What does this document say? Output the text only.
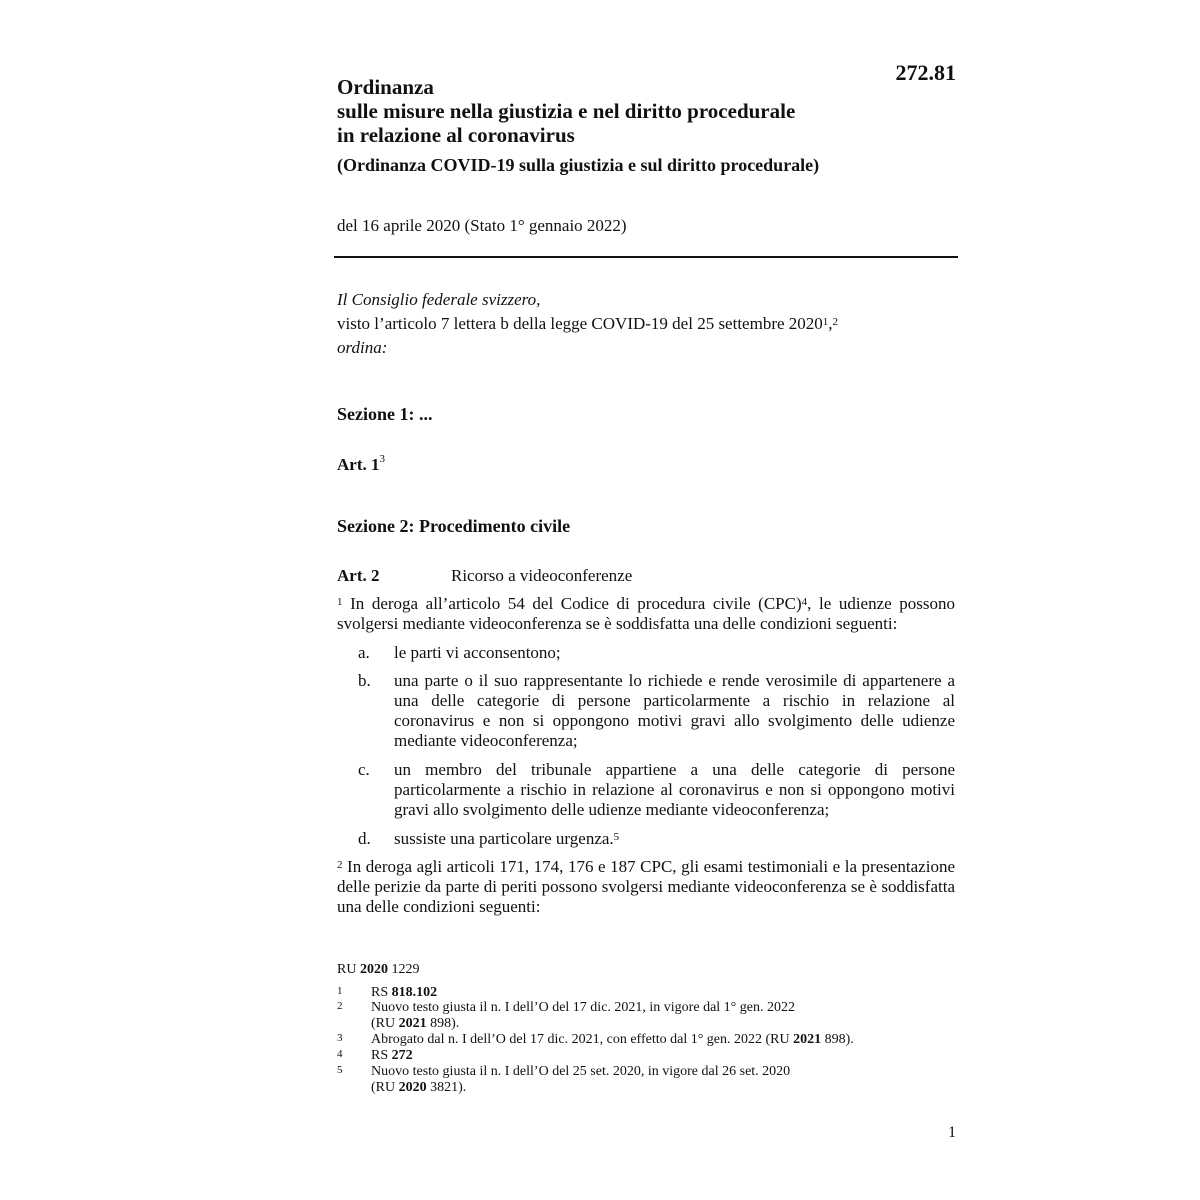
272.81
Ordinanza
sulle misure nella giustizia e nel diritto procedurale
in relazione al coronavirus
(Ordinanza COVID-19 sulla giustizia e sul diritto procedurale)
del 16 aprile 2020 (Stato 1° gennaio 2022)
Il Consiglio federale svizzero,
visto l’articolo 7 lettera b della legge COVID-19 del 25 settembre 2020$^1$,$^2$
ordina:
Sezione 1: ...
Art. $1^3$
Sezione 2: Procedimento civile
Art. 2	Ricorso a videoconferenze
$^1$ In deroga all’articolo 54 del Codice di procedura civile (CPC)$^4$, le udienze possono svolgersi mediante videoconferenza se è soddisfatta una delle condizioni seguenti:
a. le parti vi acconsentono;
b. una parte o il suo rappresentante lo richiede e rende verosimile di appartenere a una delle categorie di persone particolarmente a rischio in relazione al coronavirus e non si oppongono motivi gravi allo svolgimento delle udienze mediante videoconferenza;
c. un membro del tribunale appartiene a una delle categorie di persone particolarmente a rischio in relazione al coronavirus e non si oppongono motivi gravi allo svolgimento delle udienze mediante videoconferenza;
d. sussiste una particolare urgenza.$^5$
$^2$ In deroga agli articoli 171, 174, 176 e 187 CPC, gli esami testimoniali e la presentazione delle perizie da parte di periti possono svolgersi mediante videoconferenza se è soddisfatta una delle condizioni seguenti:
RU 2020 1229
1 RS 818.102
2 Nuovo testo giusta il n. I dell’O del 17 dic. 2021, in vigore dal 1° gen. 2022
(RU 2021 898).
3 Abrogato dal n. I dell’O del 17 dic. 2021, con effetto dal 1° gen. 2022 (RU 2021 898).
4 RS 272
5 Nuovo testo giusta il n. I dell’O del 25 set. 2020, in vigore dal 26 set. 2020
(RU 2020 3821).
1
